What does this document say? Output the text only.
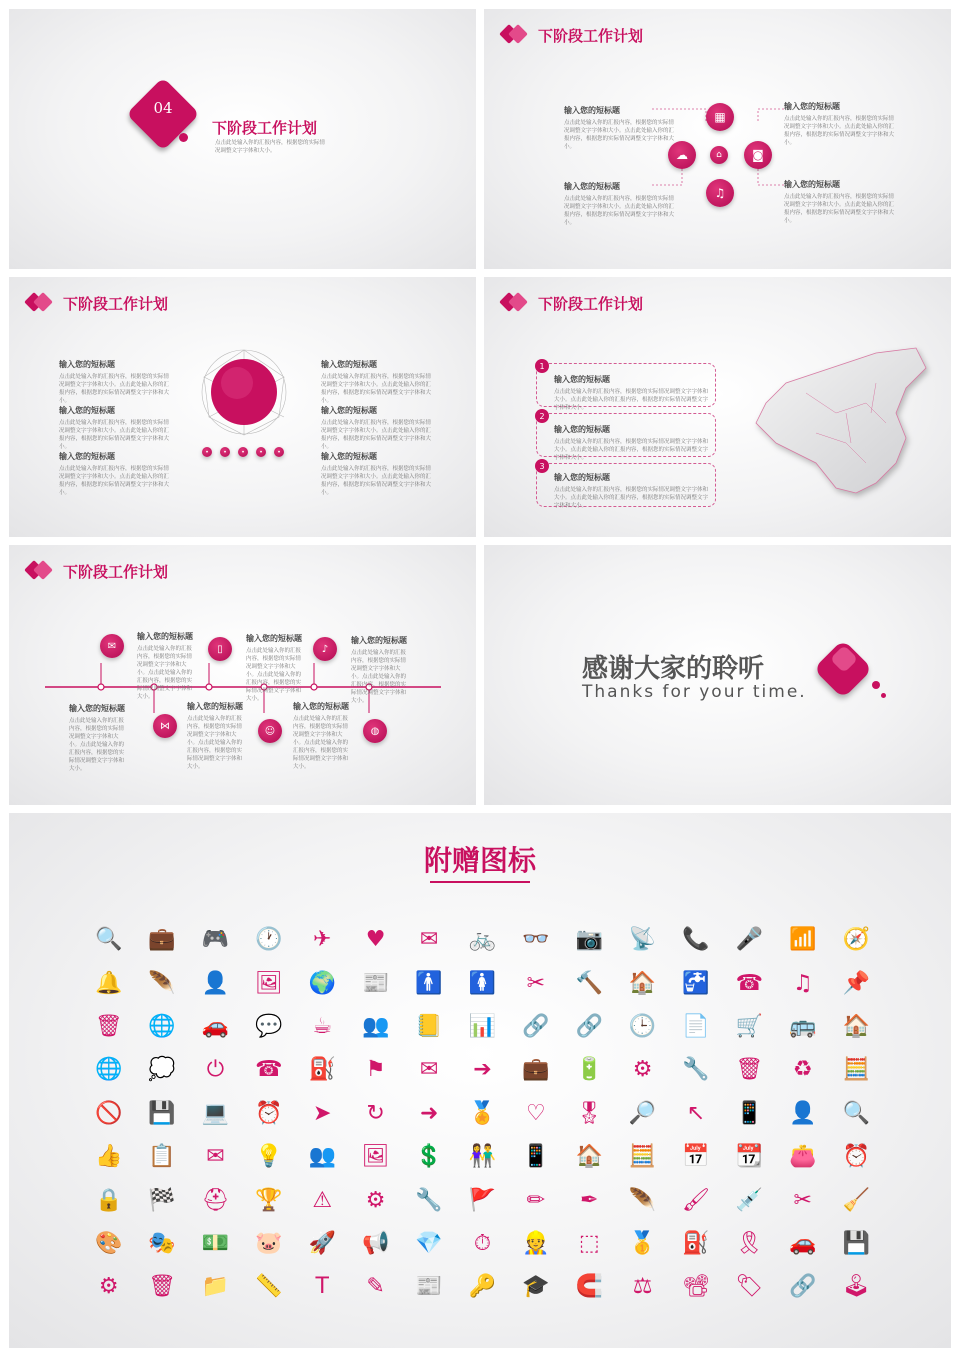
04
下阶段工作计划
点击此处输入你的汇报内容，根据您的实际情况调整文字字体和大小。
下阶段工作计划
▦
☁	◙
♫
⌂
输入您的短标题
点击此处输入你的汇报内容，根据您的实际情况调整文字字体和大小。点击此处输入你的汇报内容，根据您的实际情况调整文字字体和大小。
输入您的短标题
点击此处输入你的汇报内容，根据您的实际情况调整文字字体和大小。点击此处输入你的汇报内容，根据您的实际情况调整文字字体和大小。
输入您的短标题
点击此处输入你的汇报内容，根据您的实际情况调整文字字体和大小。点击此处输入你的汇报内容，根据您的实际情况调整文字字体和大小。
输入您的短标题
点击此处输入你的汇报内容，根据您的实际情况调整文字字体和大小。点击此处输入你的汇报内容，根据您的实际情况调整文字字体和大小。
下阶段工作计划
•	•	•	•	•
输入您的短标题
点击此处输入你的汇报内容，根据您的实际情况调整文字字体和大小。点击此处输入你的汇报内容，根据您的实际情况调整文字字体和大小。
输入您的短标题
点击此处输入你的汇报内容，根据您的实际情况调整文字字体和大小。点击此处输入你的汇报内容，根据您的实际情况调整文字字体和大小。
输入您的短标题
点击此处输入你的汇报内容，根据您的实际情况调整文字字体和大小。点击此处输入你的汇报内容，根据您的实际情况调整文字字体和大小。
输入您的短标题
点击此处输入你的汇报内容，根据您的实际情况调整文字字体和大小。点击此处输入你的汇报内容，根据您的实际情况调整文字字体和大小。
输入您的短标题
点击此处输入你的汇报内容，根据您的实际情况调整文字字体和大小。点击此处输入你的汇报内容，根据您的实际情况调整文字字体和大小。
输入您的短标题
点击此处输入你的汇报内容，根据您的实际情况调整文字字体和大小。点击此处输入你的汇报内容，根据您的实际情况调整文字字体和大小。
下阶段工作计划
1
2
3
输入您的短标题
点击此处输入你的汇报内容，根据您的实际情况调整文字字体和大小。点击此处输入你的汇报内容，根据您的实际情况调整文字字体和大小。
输入您的短标题
点击此处输入你的汇报内容，根据您的实际情况调整文字字体和大小。点击此处输入你的汇报内容，根据您的实际情况调整文字字体和大小。
输入您的短标题
点击此处输入你的汇报内容，根据您的实际情况调整文字字体和大小。点击此处输入你的汇报内容，根据您的实际情况调整文字字体和大小。
下阶段工作计划
✉	▯	♪
⋈	☺	◍
输入您的短标题
点击此处输入你的汇报内容，根据您的实际情况调整文字字体和大小。点击此处输入你的汇报内容，根据您的实际情况调整文字字体和大小。
输入您的短标题
点击此处输入你的汇报内容，根据您的实际情况调整文字字体和大小。点击此处输入你的汇报内容，根据您的实际情况调整文字字体和大小。
输入您的短标题
点击此处输入你的汇报内容，根据您的实际情况调整文字字体和大小。点击此处输入你的汇报内容，根据您的实际情况调整文字字体和大小。
输入您的短标题
点击此处输入你的汇报内容，根据您的实际情况调整文字字体和大小。点击此处输入你的汇报内容，根据您的实际情况调整文字字体和大小。
输入您的短标题
点击此处输入你的汇报内容，根据您的实际情况调整文字字体和大小。点击此处输入你的汇报内容，根据您的实际情况调整文字字体和大小。
输入您的短标题
点击此处输入你的汇报内容，根据您的实际情况调整文字字体和大小。点击此处输入你的汇报内容，根据您的实际情况调整文字字体和大小。
感谢大家的聆听
Thanks for your time.
附赠图标
🔍	💼	🎮	🕐	✈	♥	✉	🚲	👓	📷	📡	📞	🎤	📶	🧭
🔔	🪶	👤	🖼	🌍	📰	🚹	🚺	✂	🔨	🏠	🚰	☎	♫	📌
🗑	🌐	🚗	💬	☕	👥	📒	📊	🔗	🔗	🕒	📄	🛒	🚌	🏠
🌐	💭	⏻	☎	⛽	⚑	✉	➔	💼	🔋	⚙	🔧	🗑	♻	🧮
🚫	💾	💻	⏰	➤	↻	➜	🏅	♡	🎖	🔎	↖	📱	👤	🔍
👍	📋	✉	💡	👥	🖼	💲	👫	📱	🏠	🧮	📅	📆	👛	⏰
🔒	🏁	⛑	🏆	⚠	⚙	🔧	🚩	✏	✒	🪶	🖌	💉	✂	🧹
🎨	🎭	💵	🐷	🚀	📢	💎	⏱	👷	⬚	🥇	⛽	🎗	🚗	💾
⚙	🗑	📁	📏	T	✎	📰	🔑	🎓	🧲	⚖	📽	🏷	🔗	🕹
